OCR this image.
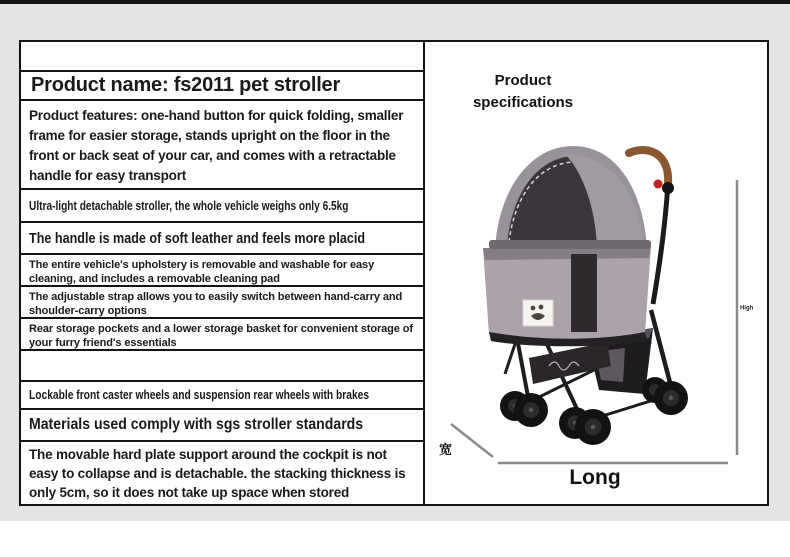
Product name: fs2011 pet stroller
Product features: one-hand button for quick folding, smaller frame for easier storage, stands upright on the floor in the front or back seat of your car, and comes with a retractable handle for easy transport
Ultra-light detachable stroller, the whole vehicle weighs only 6.5kg
The handle is made of soft leather and feels more placid
The entire vehicle's upholstery is removable and washable for easy cleaning, and includes a removable cleaning pad
The adjustable strap allows you to easily switch between hand-carry and shoulder-carry options
Rear storage pockets and a lower storage basket for convenient storage of your furry friend's essentials
Lockable front caster wheels and suspension rear wheels with brakes
Materials used comply with sgs stroller standards
The movable hard plate support around the cockpit is not easy to collapse and is detachable. the stacking thickness is only 5cm, so it does not take up space when stored
Product specifications
High
宽
Long
